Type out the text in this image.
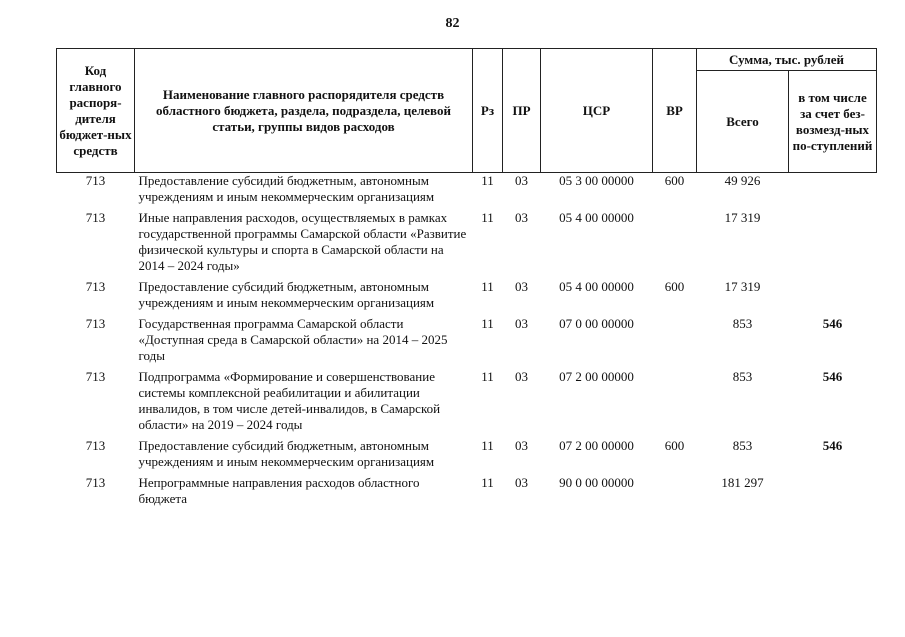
82
Код главного распоря-дителя бюджет-ных средств	Наименование главного распорядителя средств областного бюджета, раздела, подраздела, целевой статьи, группы видов расходов	Рз	ПР	ЦСР	ВР	Сумма, тыс. рублей	
						Всего	в том числе за счет без-возмезд-ных по-ступлений
713	Предоставление субсидий бюджетным, автономным учреждениям и иным некоммерческим организациям	11	03	05 3 00 00000	600	49 926	
713	Иные направления расходов, осуществляемых в рамках государственной программы Самарской области «Развитие физической культуры и спорта в Самарской области на 2014 – 2024 годы»	11	03	05 4 00 00000		17 319	
713	Предоставление субсидий бюджетным, автономным учреждениям и иным некоммерческим организациям	11	03	05 4 00 00000	600	17 319	
713	Государственная программа Самарской области «Доступная среда в Самарской области» на 2014 – 2025 годы	11	03	07 0 00 00000		853	546
713	Подпрограмма «Формирование и совершенствование системы комплексной реабилитации и абилитации инвалидов, в том числе детей-инвалидов, в Самарской области» на 2019 – 2024 годы	11	03	07 2 00 00000		853	546
713	Предоставление субсидий бюджетным, автономным учреждениям и иным некоммерческим организациям	11	03	07 2 00 00000	600	853	546
713	Непрограммные направления расходов областного бюджета	11	03	90 0 00 00000		181 297	
